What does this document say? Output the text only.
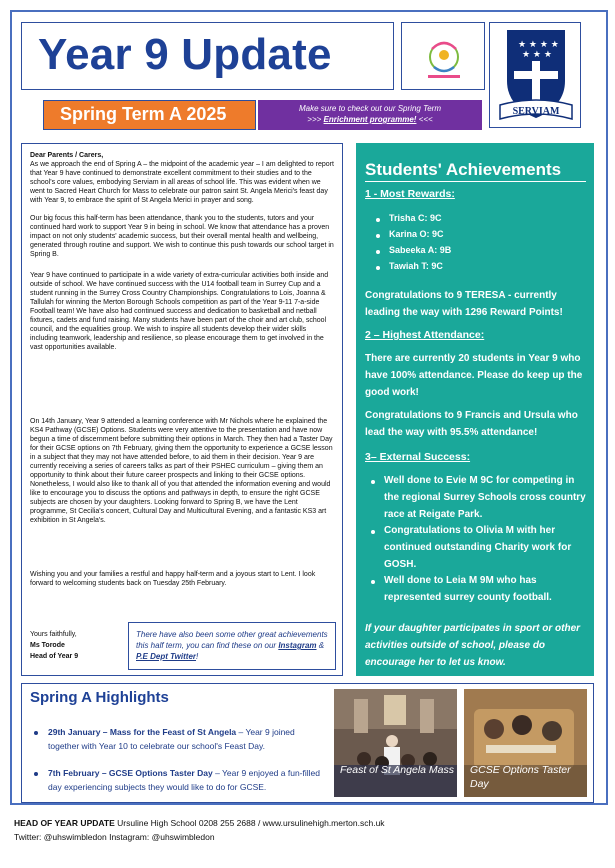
Year 9 Update	★ ★ ★ ★
★ ★ ★
SERVIAM
Spring Term A 2025	Make sure to check out our Spring Term
>>> Enrichment programme! <<<
Dear Parents / Carers,
As we approach the end of Spring A – the midpoint of the academic year – I am delighted to report that Year 9 have continued to demonstrate excellent commitment to their studies and to the school's core values, embodying Serviam in all areas of school life. This was evident when we went to Sacred Heart Church for Mass to celebrate our patron saint St. Angela Merici's feast day with Year 9, to embrace the spirit of St Angela Merici in prayer and song.
Our big focus this half-term has been attendance, thank you to the students, tutors and your continued hard work to support Year 9 in being in school. We know that attendance has a proven impact on not only students' academic success, but their overall mental health and wellbeing, generated through routine and support. We wish to continue this push towards our school target in Spring B.
Year 9 have continued to participate in a wide variety of extra-curricular activities both inside and outside of school. We have continued success with the U14 football team in Surrey Cup and a student running in the Surrey Cross Country Championships. Congratulations to Lois, Joanna & Tallulah for winning the Merton Borough Schools competition as part of the Year 9-11 7-a-side Football team! We have also had continued success and dedication to basketball and netball fixtures, cadets and fund raising. Many students have been part of the choir and art club, school council, and the equalities group. We wish to inspire all students develop their wider skills including teamwork, leadership and resilience, so please encourage them to get involved in the vast opportunities available.
On 14th January, Year 9 attended a learning conference with Mr Nichols where he explained the KS4 Pathway (GCSE) Options. Students were very attentive to the presentation and have now begun a time of discernment before submitting their options in March. They then had a Taster Day for their GCSE options on 7th February, giving them the opportunity to experience a GCSE lesson in a subject that they may not have attended before, to aid them in their decision. Year 9 are currently receiving a series of careers talks as part of their PSHEC curriculum – giving them an opportunity to think about their future career prospects and linking to their GCSE options. Nonetheless, I would also like to thank all of you that attended the information evening and would like to encourage you to discuss the options and pathways in depth, to ensure the right GCSE subjects are chosen by your daughters. Looking forward to Spring B, we have the Lent programme, St Cecilia's concert, Cultural Day and Multicultural Evening, and a fantastic KS3 art exhibition in St Angela's.
Wishing you and your families a restful and happy half-term and a joyous start to Lent. I look forward to welcoming students back on Tuesday 25th February.
Yours faithfully,
Ms Torode
Head of Year 9
There have also been some other great achievements this half term, you can find these on our Instagram & P.E Dept Twitter!
Students' Achievements
1 - Most Rewards:
Trisha C: 9C
Karina O: 9C
Sabeeka A: 9B
Tawiah T: 9C
Congratulations to 9 TERESA - currently leading the way with 1296 Reward Points!
2 – Highest Attendance:
There are currently 20 students in Year 9 who have 100% attendance. Please do keep up the good work!
Congratulations to 9 Francis and Ursula who lead the way with 95.5% attendance!
3– External Success:
Well done to Evie M 9C for competing in the regional Surrey Schools cross country race at Reigate Park.
Congratulations to Olivia M with her continued outstanding Charity work for GOSH.
Well done to Leia M 9M who has represented surrey county football.
If your daughter participates in sport or other activities outside of school, please do encourage her to let us know.
Spring A Highlights
29th January – Mass for the Feast of St Angela – Year 9 joined together with Year 10 to celebrate our school's Feast Day.
7th February – GCSE Options Taster Day – Year 9 enjoyed a fun-filled day experiencing subjects they would like to do for GCSE.
Feast of St Angela Mass GCSE Options Taster Day
HEAD OF YEAR UPDATE Ursuline High School 0208 255 2688 / www.ursulinehigh.merton.sch.uk
Twitter: @uhswimbledon Instagram: @uhswimbledon
